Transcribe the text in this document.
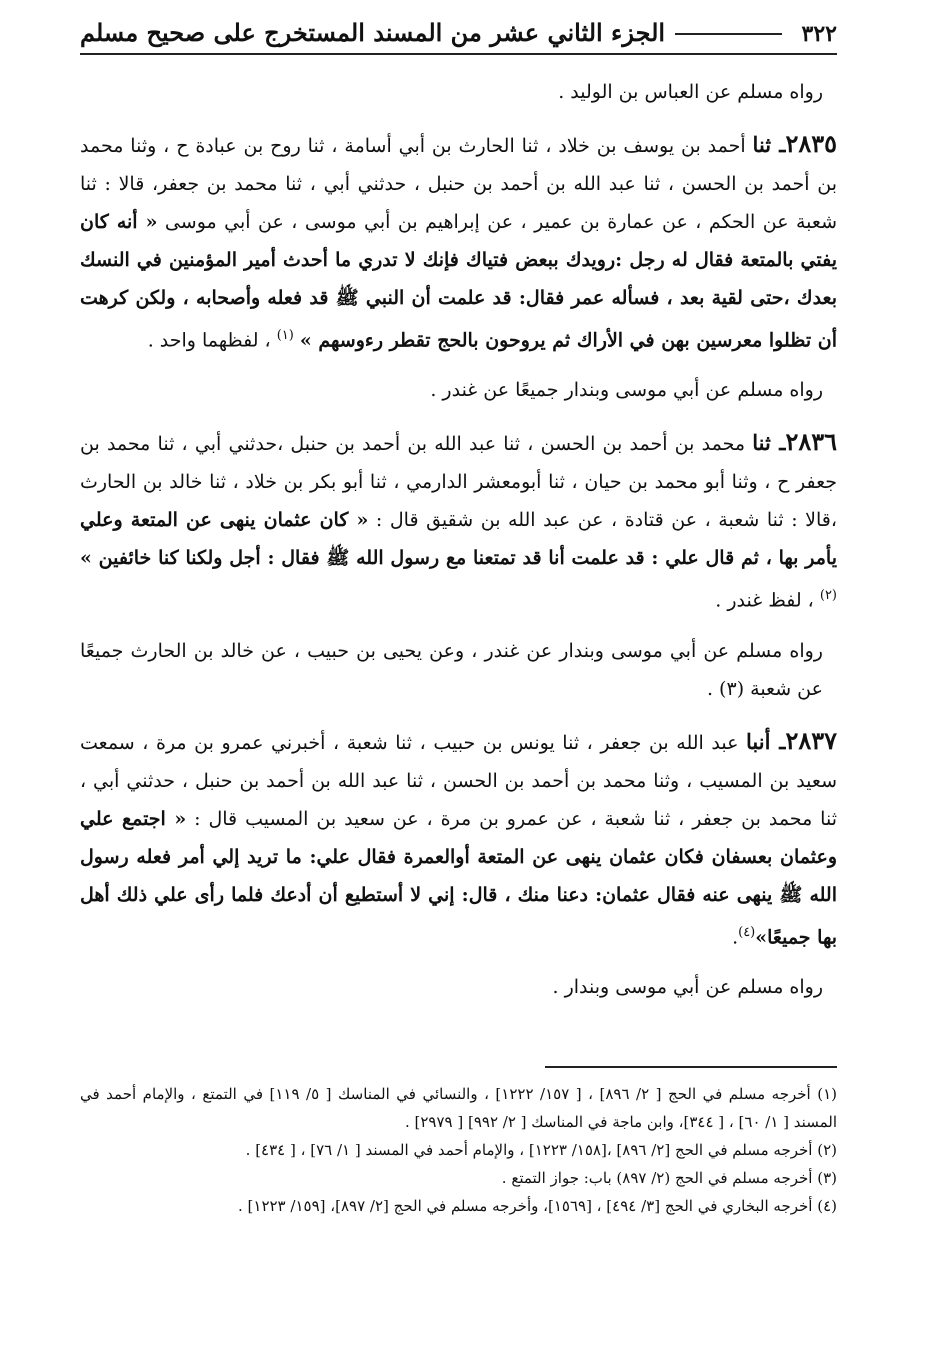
٣٢٢
الجزء الثاني عشر من المسند المستخرج على صحيح مسلم

رواه مسلم عن العباس بن الوليد .

٢٨٣٥ـ ثنا أحمد بن يوسف بن خلاد ، ثنا الحارث بن أبي أسامة ، ثنا روح بن عبادة ح ، وثنا محمد بن أحمد بن الحسن ، ثنا عبد الله بن أحمد بن حنبل ، حدثني أبي ، ثنا محمد بن جعفر، قالا : ثنا شعبة عن الحكم ، عن عمارة بن عمير ، عن إبراهيم بن أبي موسى ، عن أبي موسى « أنه كان يفتي بالمتعة فقال له رجل :رويدك ببعض فتياك فإنك لا تدري ما أحدث أمير المؤمنين في النسك بعدك ،حتى لقية بعد ، فسأله عمر فقال: قد علمت أن النبي ﷺ قد فعله وأصحابه ، ولكن كرهت أن تظلوا معرسين بهن في الأراك ثم يروحون بالحج تقطر رءوسهم » $^{(١)}$ ، لفظهما واحد .

رواه مسلم عن أبي موسى وبندار جميعًا عن غندر .

٢٨٣٦ـ ثنا محمد بن أحمد بن الحسن ، ثنا عبد الله بن أحمد بن حنبل ،حدثني أبي ، ثنا محمد بن جعفر ح ، وثنا أبو محمد بن حيان ، ثنا أبومعشر الدارمي ، ثنا أبو بكر بن خلاد ، ثنا خالد بن الحارث ،قالا : ثنا شعبة ، عن قتادة ، عن عبد الله بن شقيق قال : « كان عثمان ينهى عن المتعة وعلي يأمر بها ، ثم قال علي : قد علمت أنا قد تمتعنا مع رسول الله ﷺ فقال : أجل ولكنا كنا خائفين » $^{(٢)}$ ، لفظ غندر .

رواه مسلم عن أبي موسى وبندار عن غندر ، وعن يحيى بن حبيب ، عن خالد بن الحارث جميعًا عن شعبة (٣) .

٢٨٣٧ـ أنبا عبد الله بن جعفر ، ثنا يونس بن حبيب ، ثنا شعبة ، أخبرني عمرو بن مرة ، سمعت سعيد بن المسيب ، وثنا محمد بن أحمد بن الحسن ، ثنا عبد الله بن أحمد بن حنبل ، حدثني أبي ، ثنا محمد بن جعفر ، ثنا شعبة ، عن عمرو بن مرة ، عن سعيد بن المسيب قال : « اجتمع علي وعثمان بعسفان فكان عثمان ينهى عن المتعة أوالعمرة فقال علي: ما تريد إلي أمر فعله رسول الله ﷺ ينهى عنه فقال عثمان: دعنا منك ، قال: إني لا أستطيع أن أدعك فلما رأى علي ذلك أهل بها جميعًا»$^{(٤)}$.

رواه مسلم عن أبي موسى وبندار .

(١) أخرجه مسلم في الحج [ ٢/ ٨٩٦] ، [ ١٥٧/ ١٢٢٢] ، والنسائي في المناسك [ ٥/ ١١٩] في التمتع ، والإمام أحمد في المسند [ ١/ ٦٠] ، [ ٣٤٤]، وابن ماجة في المناسك [ ٢/ ٩٩٢] [ ٢٩٧٩] .

(٢) أخرجه مسلم في الحج [٢/ ٨٩٦] ،[١٥٨/ ١٢٢٣] ، والإمام أحمد في المسند [ ١/ ٧٦] ، [ ٤٣٤] .

(٣) أخرجه مسلم في الحج (٢/ ٨٩٧) باب: جواز التمتع .

(٤) أخرجه البخاري في الحج [٣/ ٤٩٤] ، [١٥٦٩]، وأخرجه مسلم في الحج [٢/ ٨٩٧]، [١٥٩/ ١٢٢٣] .
